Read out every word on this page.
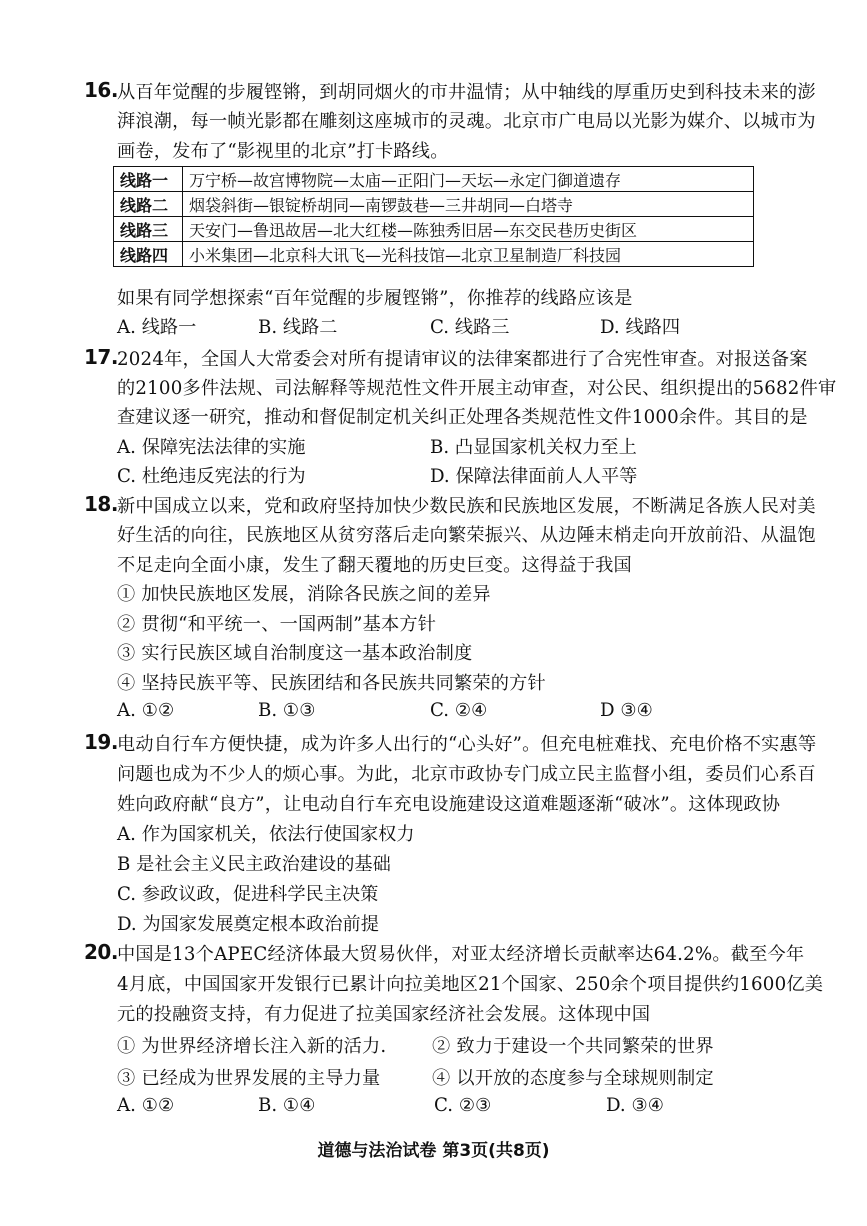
16. 从百年觉醒的步履铿锵，到胡同烟火的市井温情；从中轴线的厚重历史到科技未来的澎
湃浪潮，每一帧光影都在雕刻这座城市的灵魂。北京市广电局以光影为媒介、以城市为
画卷，发布了“影视里的北京”打卡路线。
线路一	万宁桥—故宫博物院—太庙—正阳门—天坛—永定门御道遗存
线路二	烟袋斜街—银锭桥胡同—南锣鼓巷—三井胡同—白塔寺
线路三	天安门—鲁迅故居—北大红楼—陈独秀旧居—东交民巷历史街区
线路四	小米集团—北京科大讯飞—光科技馆—北京卫星制造厂科技园
如果有同学想探索“百年觉醒的步履铿锵”，你推荐的线路应该是
A. 线路一	B. 线路二	C. 线路三	D. 线路四
17. 2024年，全国人大常委会对所有提请审议的法律案都进行了合宪性审查。对报送备案
的2100多件法规、司法解释等规范性文件开展主动审查，对公民、组织提出的5682件审
查建议逐一研究，推动和督促制定机关纠正处理各类规范性文件1000余件。其目的是
A. 保障宪法法律的实施	B. 凸显国家机关权力至上
C. 杜绝违反宪法的行为	D. 保障法律面前人人平等
18. 新中国成立以来，党和政府坚持加快少数民族和民族地区发展，不断满足各族人民对美
好生活的向往，民族地区从贫穷落后走向繁荣振兴、从边陲末梢走向开放前沿、从温饱
不足走向全面小康，发生了翻天覆地的历史巨变。这得益于我国
① 加快民族地区发展，消除各民族之间的差异
② 贯彻“和平统一、一国两制”基本方针
③ 实行民族区域自治制度这一基本政治制度
④ 坚持民族平等、民族团结和各民族共同繁荣的方针
A. ①②	B. ①③	C. ②④	D ③④
19. 电动自行车方便快捷，成为许多人出行的“心头好”。但充电桩难找、充电价格不实惠等
问题也成为不少人的烦心事。为此，北京市政协专门成立民主监督小组，委员们心系百
姓向政府献“良方”，让电动自行车充电设施建设这道难题逐渐“破冰”。这体现政协
A. 作为国家机关，依法行使国家权力
B 是社会主义民主政治建设的基础
C. 参政议政，促进科学民主决策
D. 为国家发展奠定根本政治前提
20. 中国是13个APEC经济体最大贸易伙伴，对亚太经济增长贡献率达64.2%。截至今年
4月底，中国国家开发银行已累计向拉美地区21个国家、250余个项目提供约1600亿美
元的投融资支持，有力促进了拉美国家经济社会发展。这体现中国
① 为世界经济增长注入新的活力.	② 致力于建设一个共同繁荣的世界
③ 已经成为世界发展的主导力量	④ 以开放的态度参与全球规则制定
A. ①②	B. ①④	C. ②③	D. ③④
道德与法治试卷 第3页(共8页)
